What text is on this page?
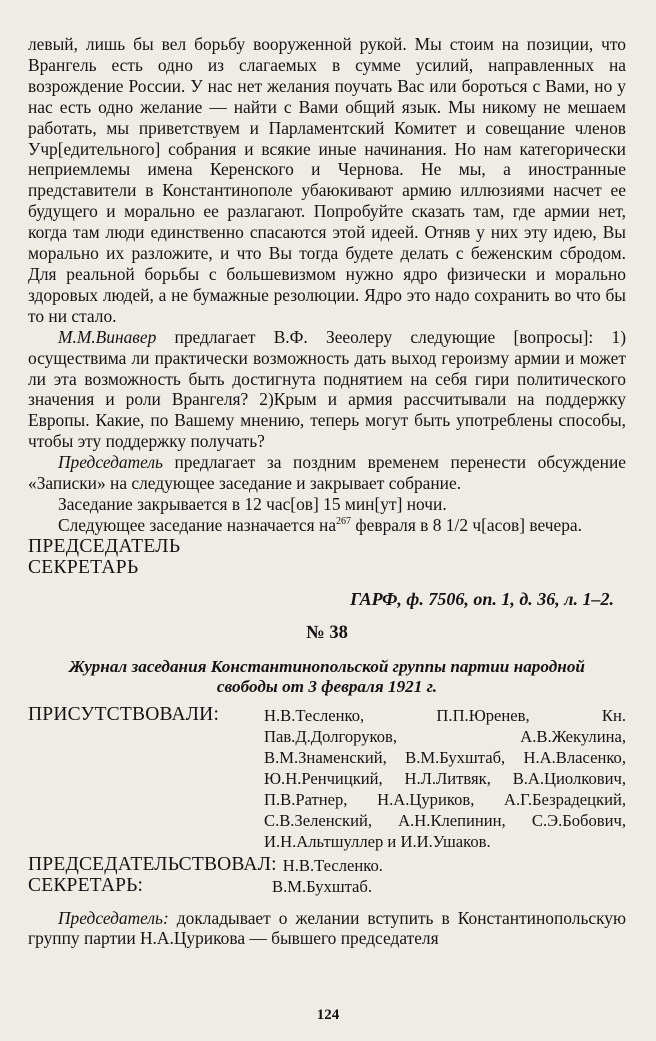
левый, лишь бы вел борьбу вооруженной рукой. Мы стоим на позиции, что Врангель есть одно из слагаемых в сумме усилий, направленных на возрождение России. У нас нет желания поучать Вас или бороться с Вами, но у нас есть одно желание — найти с Вами общий язык. Мы никому не мешаем работать, мы приветствуем и Парламентский Комитет и совещание членов Учр[едительного] собрания и всякие иные начинания. Но нам категорически неприемлемы имена Керенского и Чернова. Не мы, а иностранные представители в Константинополе убаюкивают армию иллюзиями насчет ее будущего и морально ее разлагают. Попробуйте сказать там, где армии нет, когда там люди единственно спасаются этой идеей. Отняв у них эту идею, Вы морально их разложите, и что Вы тогда будете делать с беженским сбродом. Для реальной борьбы с большевизмом нужно ядро физически и морально здоровых людей, а не бумажные резолюции. Ядро это надо сохранить во что бы то ни стало.

М.М.Винавер предлагает В.Ф. Зееолеру следующие [вопросы]: 1) осуществима ли практически возможность дать выход героизму армии и может ли эта возможность быть достигнута поднятием на себя гири политического значения и роли Врангеля? 2)Крым и армия рассчитывали на поддержку Европы. Какие, по Вашему мнению, теперь могут быть употреблены способы, чтобы эту поддержку получать?

Председатель предлагает за поздним временем перенести обсуждение «Записки» на следующее заседание и закрывает собрание.

Заседание закрывается в 12 час[ов] 15 мин[ут] ночи.

Следующее заседание назначается $на^{267}$ февраля в 8 1/2 ч[асов] вечера.

ПРЕДСЕДАТЕЛЬ

СЕКРЕТАРЬ

ГАРФ, ф. 7506, оп. 1, д. 36, л. 1–2.

№ 38

Журнал заседания Константинопольской группы партии народной свободы от 3 февраля 1921 г.

ПРИСУТСТВОВАЛИ:	Н.В.Тесленко, П.П.Юренев, Кн. Пав.Д.Долгоруков, А.В.Жекулина, В.М.Знаменский, В.М.Бухштаб, Н.А.Власенко, Ю.Н.Ренчицкий, Н.Л.Литвяк, В.А.Циолкович, П.В.Ратнер, Н.А.Цуриков, А.Г.Безрадецкий, С.В.Зеленский, А.Н.Клепинин, С.Э.Бобович, И.Н.Альтшуллер и И.И.Ушаков.
ПРЕДСЕДАТЕЛЬСТВОВАЛ: Н.В.Тесленко.
СЕКРЕТАРЬ:	В.М.Бухштаб.

Председатель: докладывает о желании вступить в Константинопольскую группу партии Н.А.Цурикова — бывшего председателя

124
